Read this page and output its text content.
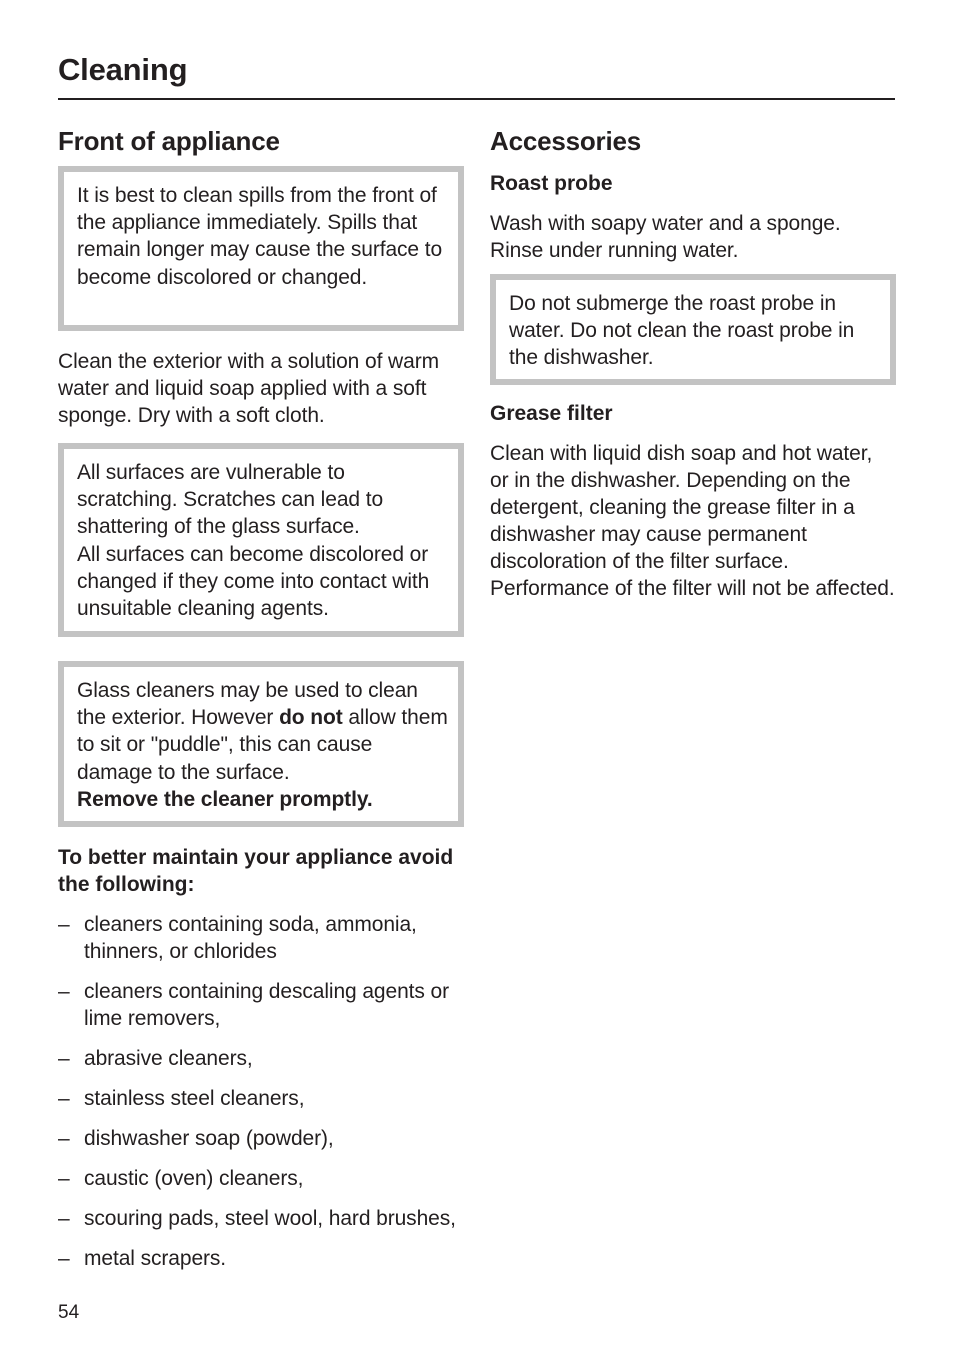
Cleaning
Front of appliance

It is best to clean spills from the front of the appliance immediately. Spills that remain longer may cause the surface to become discolored or changed.

Clean the exterior with a solution of warm water and liquid soap applied with a soft sponge. Dry with a soft cloth.

All surfaces are vulnerable to scratching. Scratches can lead to shattering of the glass surface.

All surfaces can become discolored or changed if they come into contact with unsuitable cleaning agents.

Glass cleaners may be used to clean the exterior. However do not allow them to sit or "puddle", this can cause damage to the surface.

Remove the cleaner promptly.

To better maintain your appliance avoid the following:

– cleaners containing soda, ammonia, thinners, or chlorides
– cleaners containing descaling agents or lime removers,
– abrasive cleaners,
– stainless steel cleaners,
– dishwasher soap (powder),
– caustic (oven) cleaners,
– scouring pads, steel wool, hard brushes,
– metal scrapers.
Accessories

Roast probe

Wash with soapy water and a sponge. Rinse under running water.

Do not submerge the roast probe in water. Do not clean the roast probe in the dishwasher.

Grease filter

Clean with liquid dish soap and hot water, or in the dishwasher. Depending on the detergent, cleaning the grease filter in a dishwasher may cause permanent discoloration of the filter surface. Performance of the filter will not be affected.

54
